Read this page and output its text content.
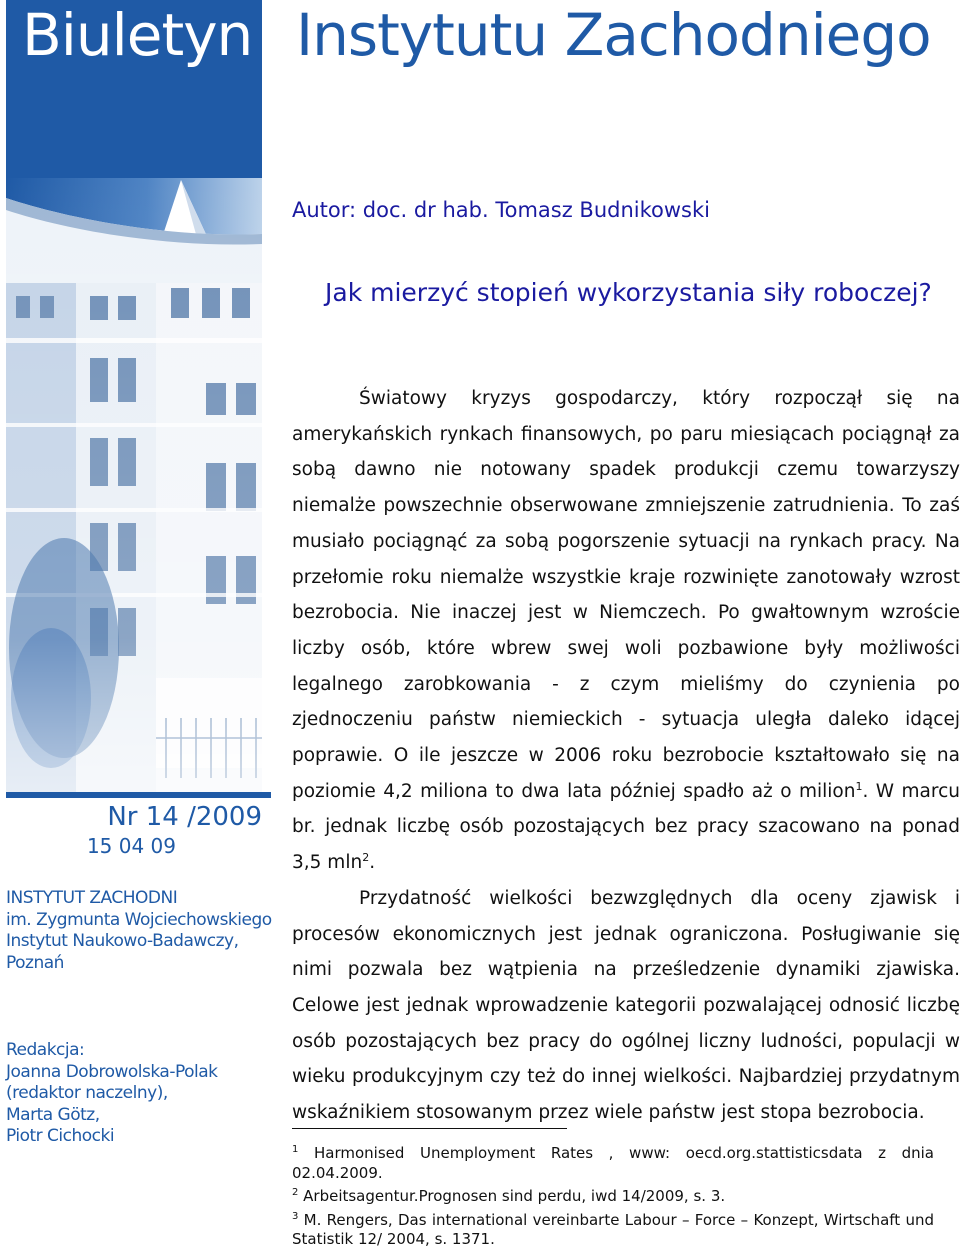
Biuletyn Instytutu Zachodniego
Nr 14 /2009
15 04 09
INSTYTUT ZACHODNI
im. Zygmunta Wojciechowskiego
Instytut Naukowo-Badawczy,
Poznań
Redakcja:
Joanna Dobrowolska-Polak
(redaktor naczelny),
Marta Götz,
Piotr Cichocki
Autor: doc. dr hab. Tomasz Budnikowski
Jak mierzyć stopień wykorzystania siły roboczej?

Światowy kryzys gospodarczy, który rozpoczął się na amerykańskich rynkach finansowych, po paru miesiącach pociągnął za sobą dawno nie notowany spadek produkcji czemu towarzyszy niemalże powszechnie obserwowane zmniejszenie zatrudnienia. To zaś musiało pociągnąć za sobą pogorszenie sytuacji na rynkach pracy. Na przełomie roku niemalże wszystkie kraje rozwinięte zanotowały wzrost bezrobocia. Nie inaczej jest w Niemczech. Po gwałtownym wzroście liczby osób, które wbrew swej woli pozbawione były możliwości legalnego zarobkowania - z czym mieliśmy do czynienia po zjednoczeniu państw niemieckich - sytuacja uległa daleko idącej poprawie. O ile jeszcze w 2006 roku bezrobocie kształtowało się na poziomie 4,2 miliona to dwa lata później spadło aż o milion$^1$. W marcu br. jednak liczbę osób pozostających bez pracy szacowano na ponad 3,5 mln$^2$.

Przydatność wielkości bezwzględnych dla oceny zjawisk i procesów ekonomicznych jest jednak ograniczona. Posługiwanie się nimi pozwala bez wątpienia na prześledzenie dynamiki zjawiska. Celowe jest jednak wprowadzenie kategorii pozwalającej odnosić liczbę osób pozostających bez pracy do ogólnej liczny ludności, populacji w wieku produkcyjnym czy też do innej wielkości. Najbardziej przydatnym wskaźnikiem stosowanym przez wiele państw jest stopa bezrobocia.

$^1$ Harmonised Unemployment Rates , www: oecd.org.stattisticsdata z dnia 02.04.2009.

$^2$ Arbeitsagentur.Prognosen sind perdu, iwd 14/2009, s. 3.

$^3$ M. Rengers, Das international vereinbarte Labour – Force – Konzept, Wirtschaft und Statistik 12/ 2004, s. 1371.
